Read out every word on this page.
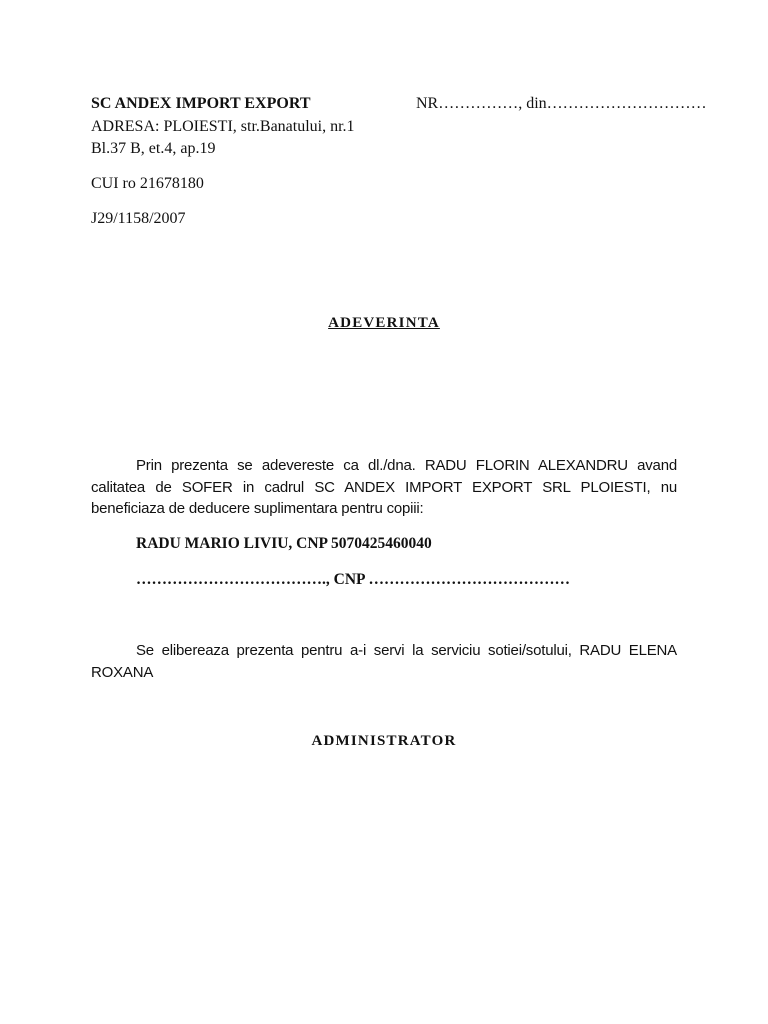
SC ANDEX IMPORT EXPORT	NR……………, din…………………………
ADRESA: PLOIESTI, str.Banatului, nr.1
Bl.37 B, et.4, ap.19
CUI ro 21678180
J29/1158/2007
ADEVERINTA
Prin prezenta se adevereste ca dl./dna. RADU FLORIN ALEXANDRU avand calitatea de SOFER in cadrul SC ANDEX IMPORT EXPORT SRL PLOIESTI, nu beneficiaza de deducere suplimentara pentru copiii:
RADU MARIO LIVIU, CNP 5070425460040
………………………………., CNP …………………………………
Se elibereaza prezenta pentru a-i servi la serviciu sotiei/sotului, RADU ELENA ROXANA
ADMINISTRATOR
